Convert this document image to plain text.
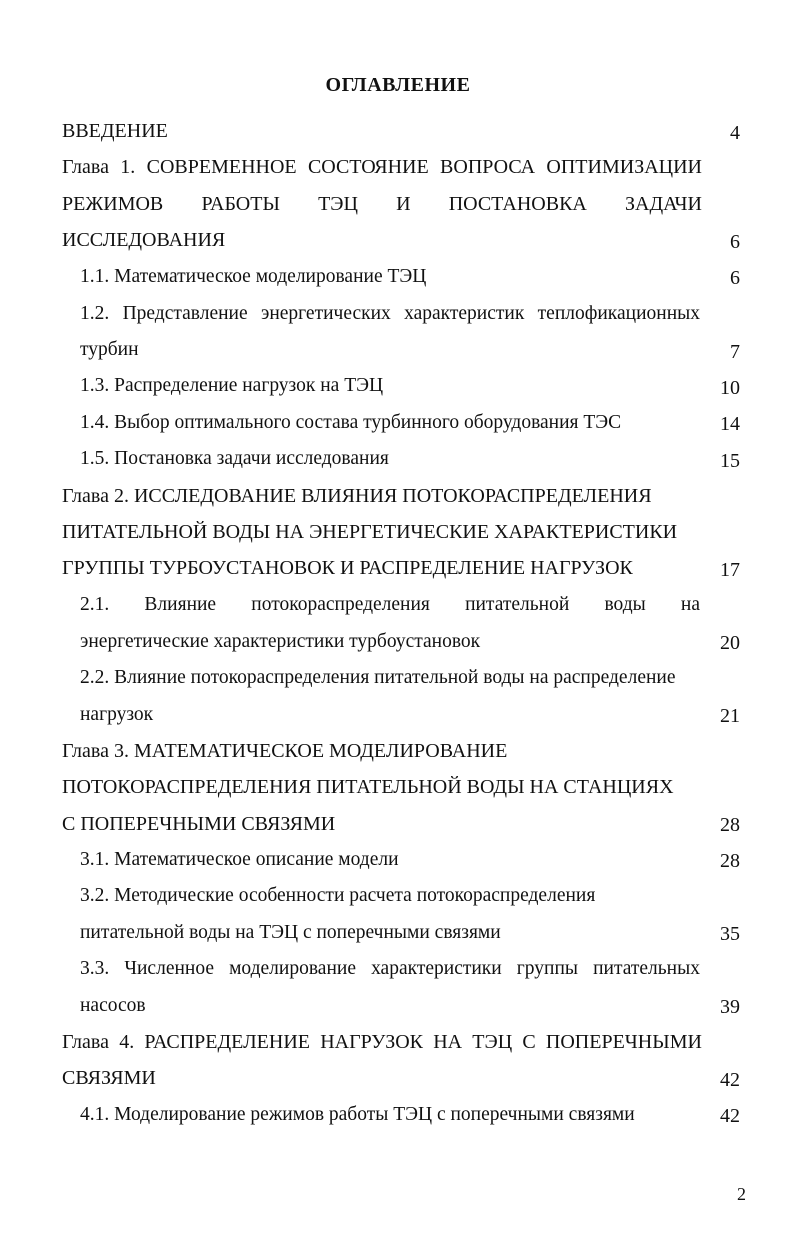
ОГЛАВЛЕНИЕ
ВВЕДЕНИЕ	4
Глава 1. СОВРЕМЕННОЕ СОСТОЯНИЕ ВОПРОСА ОПТИМИЗАЦИИ
РЕЖИМОВ РАБОТЫ ТЭЦ И ПОСТАНОВКА ЗАДАЧИ
ИССЛЕДОВАНИЯ	6
1.1. Математическое моделирование ТЭЦ	6
1.2. Представление энергетических характеристик теплофикационных
турбин	7
1.3. Распределение нагрузок на ТЭЦ	10
1.4. Выбор оптимального состава турбинного оборудования ТЭС	14
1.5. Постановка задачи исследования	15
Глава 2. ИССЛЕДОВАНИЕ ВЛИЯНИЯ ПОТОКОРАСПРЕДЕЛЕНИЯ
ПИТАТЕЛЬНОЙ ВОДЫ НА ЭНЕРГЕТИЧЕСКИЕ ХАРАКТЕРИСТИКИ
ГРУППЫ ТУРБОУСТАНОВОК И РАСПРЕДЕЛЕНИЕ НАГРУЗОК	17
2.1. Влияние потокораспределения питательной воды на
энергетические характеристики турбоустановок	20
2.2. Влияние потокораспределения питательной воды на распределение
нагрузок	21
Глава 3. МАТЕМАТИЧЕСКОЕ МОДЕЛИРОВАНИЕ
ПОТОКОРАСПРЕДЕЛЕНИЯ ПИТАТЕЛЬНОЙ ВОДЫ НА СТАНЦИЯХ
С ПОПЕРЕЧНЫМИ СВЯЗЯМИ	28
3.1. Математическое описание модели	28
3.2. Методические особенности расчета потокораспределения
питательной воды на ТЭЦ с поперечными связями	35
3.3. Численное моделирование характеристики группы питательных
насосов	39
Глава 4. РАСПРЕДЕЛЕНИЕ НАГРУЗОК НА ТЭЦ С ПОПЕРЕЧНЫМИ
СВЯЗЯМИ	42
4.1. Моделирование режимов работы ТЭЦ с поперечными связями	42
2
